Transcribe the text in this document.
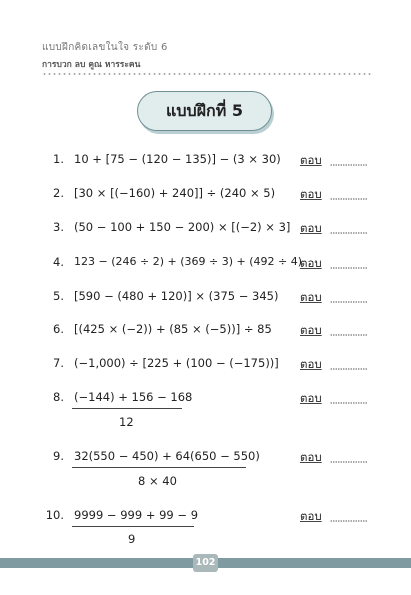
แบบฝึกคิดเลขในใจ ระดับ 6
การบวก ลบ คูณ หารระคน
แบบฝึกที่ 5
1. 10 + [75 − (120 − 135)] − (3 × 30) ตอบ
2. [30 × [(−160) + 240]] ÷ (240 × 5) ตอบ
3. (50 − 100 + 150 − 200) × [(−2) × 3] ตอบ
4. 123 − (246 ÷ 2) + (369 ÷ 3) + (492 ÷ 4)
ตอบ
5. [590 − (480 + 120)] × (375 − 345) ตอบ
6. [(425 × (−2)) + (85 × (−5))] ÷ 85 ตอบ
7. (−1,000) ÷ [225 + (100 − (−175))] ตอบ
8. (−144) + 156 − 168
12
ตอบ
9. 32(550 − 450) + 64(650 − 550)
8 × 40
ตอบ
10. 9999 − 999 + 99 − 9
9
ตอบ
102
